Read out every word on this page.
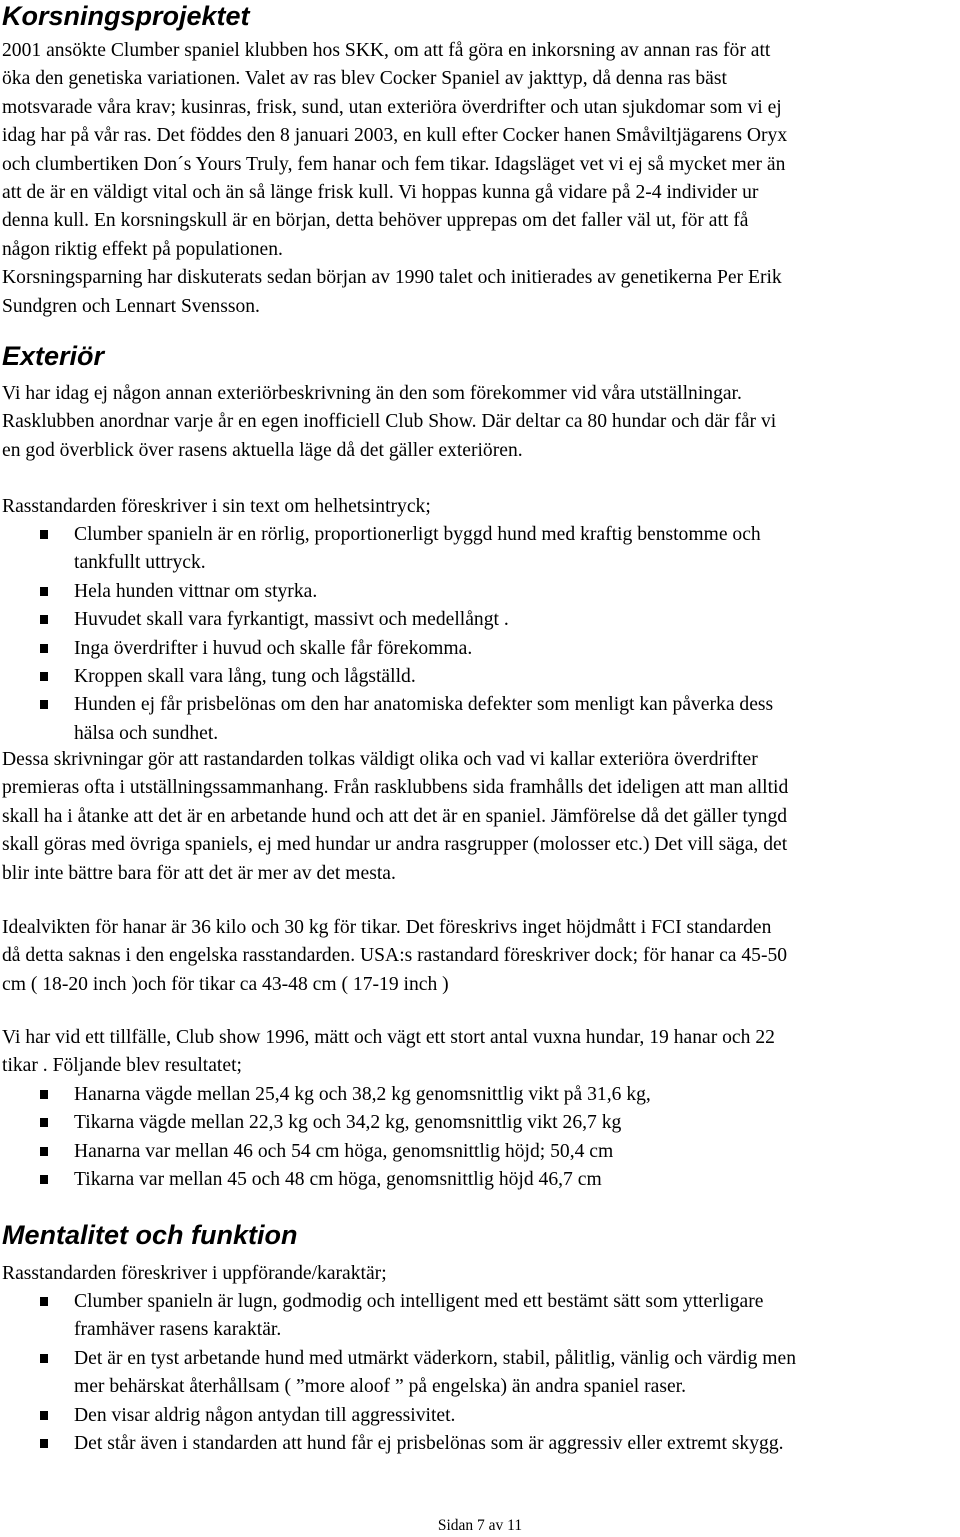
Korsningsprojektet
2001 ansökte Clumber spaniel klubben hos SKK, om att få göra en inkorsning av annan ras för att
öka den genetiska variationen. Valet av ras blev Cocker Spaniel av jakttyp, då denna ras bäst
motsvarade våra krav; kusinras, frisk, sund, utan exteriöra överdrifter och utan sjukdomar som vi ej
idag har på vår ras. Det föddes den 8 januari 2003, en kull efter Cocker hanen Småviltjägarens Oryx
och clumbertiken Don´s Yours Truly, fem hanar och fem tikar. Idagsläget vet vi ej så mycket mer än
att de är en väldigt vital och än så länge frisk kull. Vi hoppas kunna gå vidare på 2-4 individer ur
denna kull. En korsningskull är en början, detta behöver upprepas om det faller väl ut, för att få
någon riktig effekt på populationen.
Korsningsparning har diskuterats sedan början av 1990 talet och initierades av genetikerna Per Erik
Sundgren och Lennart Svensson.
Exteriör
Vi har idag ej någon annan exteriörbeskrivning än den som förekommer vid våra utställningar.
Rasklubben anordnar varje år en egen inofficiell Club Show. Där deltar ca 80 hundar och där får vi
en god överblick över rasens aktuella läge då det gäller exteriören.
Rasstandarden föreskriver i sin text om helhetsintryck;
Clumber spanieln är en rörlig, proportionerligt byggd hund med kraftig benstomme och
tankfullt uttryck.
Hela hunden vittnar om styrka.
Huvudet skall vara fyrkantigt, massivt och medellångt .
Inga överdrifter i huvud och skalle får förekomma.
Kroppen skall vara lång, tung och lågställd.
Hunden ej får prisbelönas om den har anatomiska defekter som menligt kan påverka dess
hälsa och sundhet.
Dessa skrivningar gör att rastandarden tolkas väldigt olika och vad vi kallar exteriöra överdrifter
premieras ofta i utställningssammanhang. Från rasklubbens sida framhålls det ideligen att man alltid
skall ha i åtanke att det är en arbetande hund och att det är en spaniel. Jämförelse då det gäller tyngd
skall göras med övriga spaniels, ej med hundar ur andra rasgrupper (molosser etc.) Det vill säga, det
blir inte bättre bara för att det är mer av det mesta.
Idealvikten för hanar är 36 kilo och 30 kg för tikar. Det föreskrivs inget höjdmått i FCI standarden
då detta saknas i den engelska rasstandarden. USA:s rastandard föreskriver dock; för hanar ca 45-50
cm ( 18-20 inch )och för tikar ca 43-48 cm ( 17-19 inch )
Vi har vid ett tillfälle, Club show 1996, mätt och vägt ett stort antal vuxna hundar, 19 hanar och 22
tikar . Följande blev resultatet;
Hanarna vägde mellan 25,4 kg och 38,2 kg genomsnittlig vikt på 31,6 kg,
Tikarna vägde mellan 22,3 kg och 34,2 kg, genomsnittlig vikt 26,7 kg
Hanarna var mellan 46 och 54 cm höga, genomsnittlig höjd; 50,4 cm
Tikarna var mellan 45 och 48 cm höga, genomsnittlig höjd 46,7 cm
Mentalitet och funktion
Rasstandarden föreskriver i uppförande/karaktär;
Clumber spanieln är lugn, godmodig och intelligent med ett bestämt sätt som ytterligare
framhäver rasens karaktär.
Det är en tyst arbetande hund med utmärkt väderkorn, stabil, pålitlig, vänlig och värdig men
mer behärskat återhållsam ( ”more aloof ” på engelska) än andra spaniel raser.
Den visar aldrig någon antydan till aggressivitet.
Det står även i standarden att hund får ej prisbelönas som är aggressiv eller extremt skygg.
Sidan 7 av 11
